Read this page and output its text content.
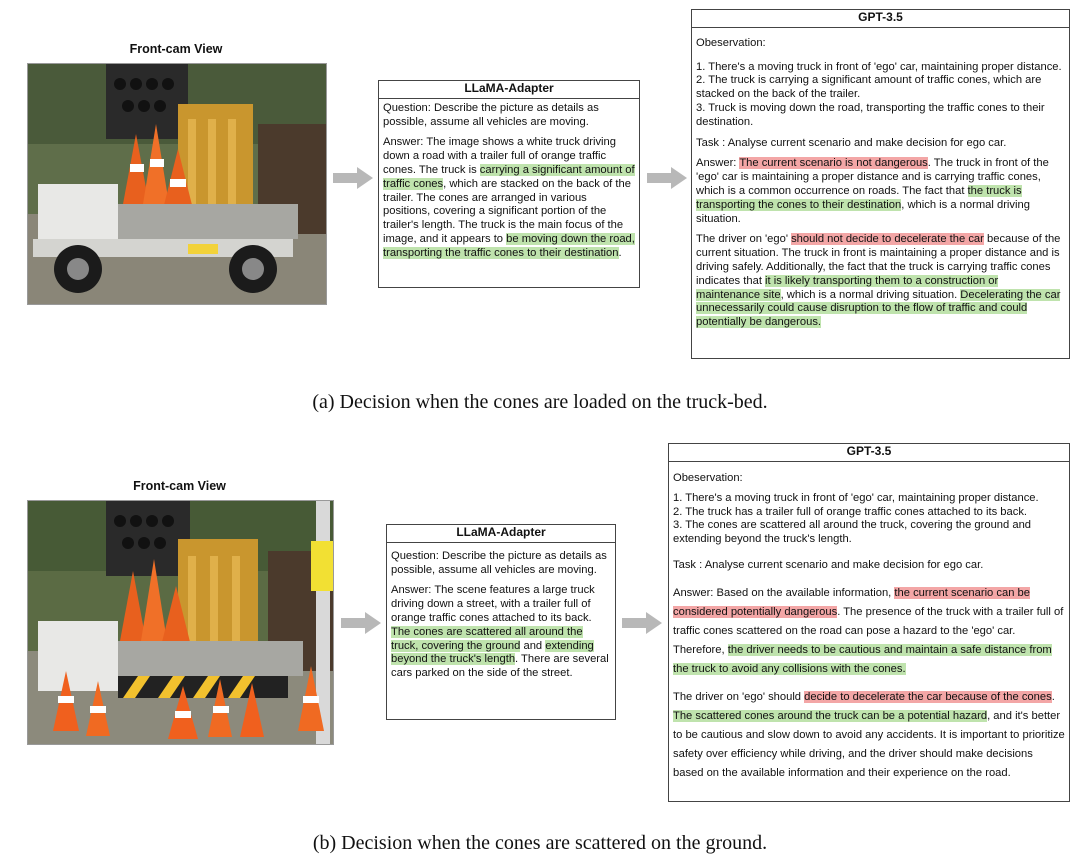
Front-cam View
LLaMA-Adapter

Question: Describe the picture as details as possible, assume all vehicles are moving.

Answer: The image shows a white truck driving down a road with a trailer full of orange traffic cones. The truck is carrying a significant amount of traffic cones, which are stacked on the back of the trailer. The cones are arranged in various positions, covering a significant portion of the trailer's length. The truck is the main focus of the image, and it appears to be moving down the road, transporting the traffic cones to their destination.

GPT-3.5

Obeservation:

1. There's a moving truck in front of 'ego' car, maintaining proper distance.
2. The truck is carrying a significant amount of traffic cones, which are stacked on the back of the trailer.
3. Truck is moving down the road, transporting the traffic cones to their destination.

Task : Analyse current scenario and make decision for ego car.

Answer: The current scenario is not dangerous. The truck in front of the 'ego' car is maintaining a proper distance and is carrying traffic cones, which is a common occurrence on roads. The fact that the truck is transporting the cones to their destination, which is a normal driving situation.

The driver on 'ego' should not decide to decelerate the car because of the current situation. The truck in front is maintaining a proper distance and is driving safely. Additionally, the fact that the truck is carrying traffic cones indicates that it is likely transporting them to a construction or maintenance site, which is a normal driving situation. Decelerating the car unnecessarily could cause disruption to the flow of traffic and could potentially be dangerous.

(a) Decision when the cones are loaded on the truck-bed.
Front-cam View
LLaMA-Adapter

Question: Describe the picture as details as possible, assume all vehicles are moving.

Answer: The scene features a large truck driving down a street, with a trailer full of orange traffic cones attached to its back. The cones are scattered all around the truck, covering the ground and extending beyond the truck's length. There are several cars parked on the side of the street.

GPT-3.5

Obeservation:

1. There's a moving truck in front of 'ego' car, maintaining proper distance.
2. The truck has a trailer full of orange traffic cones attached to its back.
3. The cones are scattered all around the truck, covering the ground and extending beyond the truck's length.

Task : Analyse current scenario and make decision for ego car.

Answer: Based on the available information, the current scenario can be considered potentially dangerous. The presence of the truck with a trailer full of traffic cones scattered on the road can pose a hazard to the 'ego' car. Therefore, the driver needs to be cautious and maintain a safe distance from the truck to avoid any collisions with the cones.

The driver on 'ego' should decide to decelerate the car because of the cones. The scattered cones around the truck can be a potential hazard, and it's better to be cautious and slow down to avoid any accidents. It is important to prioritize safety over efficiency while driving, and the driver should make decisions based on the available information and their experience on the road.

(b) Decision when the cones are scattered on the ground.
